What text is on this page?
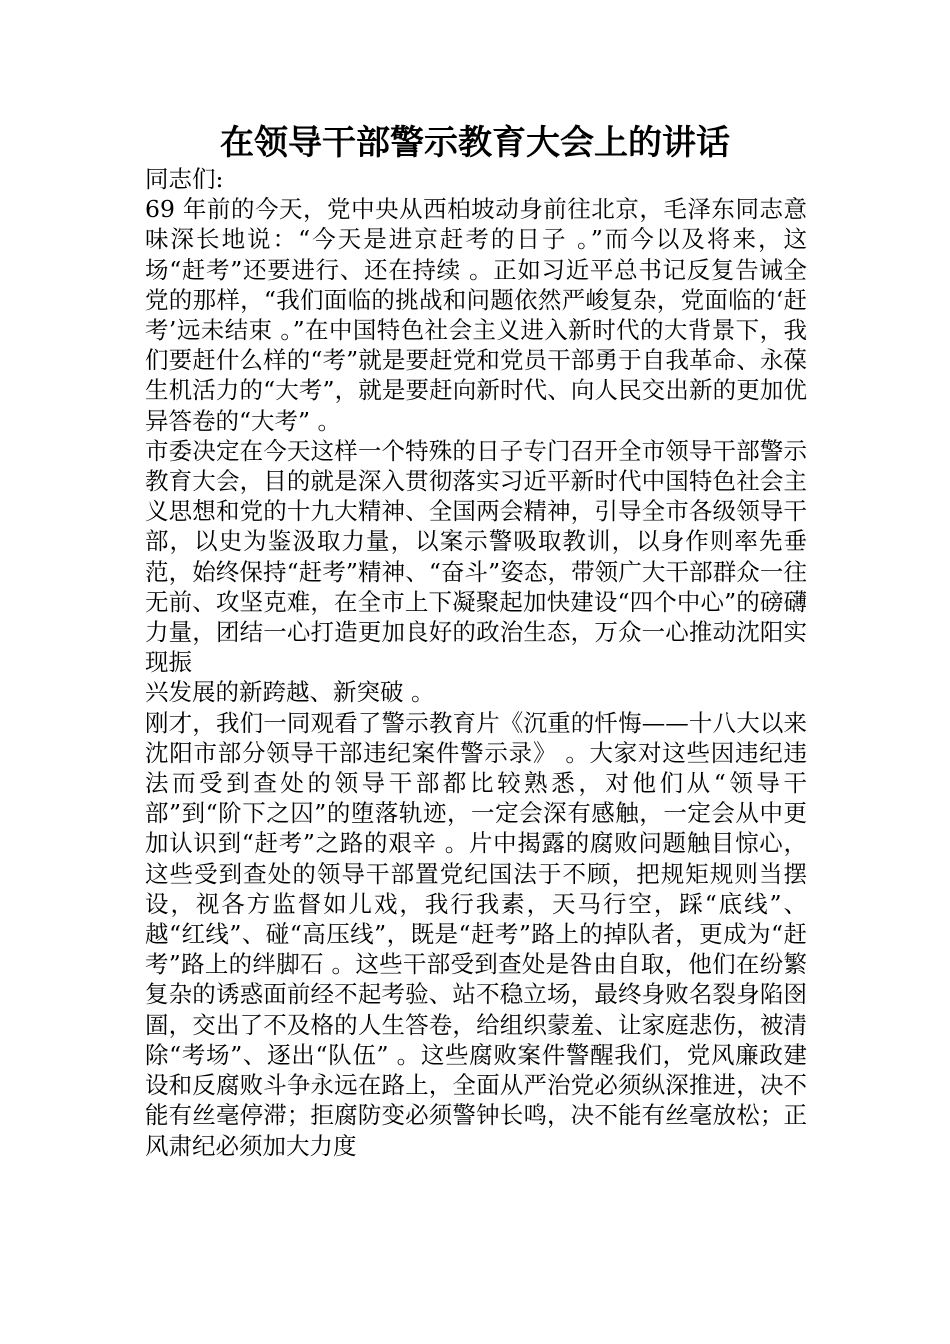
在领导干部警示教育大会上的讲话

同志们:

69 年前的今天，党中央从西柏坡动身前往北京，毛泽东同志意味深长地说：“今天是进京赶考的日子 。”而今以及将来，这场“赶考”还要进行、还在持续 。正如习近平总书记反复告诫全党的那样，“我们面临的挑战和问题依然严峻复杂，党面临的‘赶考’远未结束 。”在中国特色社会主义进入新时代的大背景下，我们要赶什么样的“考”就是要赶党和党员干部勇于自我革命、永葆生机活力的“大考”，就是要赶向新时代、向人民交出新的更加优异答卷的“大考” 。

市委决定在今天这样一个特殊的日子专门召开全市领导干部警示教育大会，目的就是深入贯彻落实习近平新时代中国特色社会主义思想和党的十九大精神、全国两会精神，引导全市各级领导干部，以史为鉴汲取力量，以案示警吸取教训，以身作则率先垂范，始终保持“赶考”精神、“奋斗”姿态，带领广大干部群众一往无前、攻坚克难，在全市上下凝聚起加快建设“四个中心”的磅礴力量，团结一心打造更加良好的政治生态，万众一心推动沈阳实现振

兴发展的新跨越、新突破 。

刚才，我们一同观看了警示教育片《沉重的忏悔——十八大以来沈阳市部分领导干部违纪案件警示录》 。大家对这些因违纪违法而受到查处的领导干部都比较熟悉，对他们从“领导干部”到“阶下之囚”的堕落轨迹，一定会深有感触，一定会从中更加认识到“赶考”之路的艰辛 。片中揭露的腐败问题触目惊心，这些受到查处的领导干部置党纪国法于不顾，把规矩规则当摆设，视各方监督如儿戏，我行我素，天马行空，踩“底线”、越“红线”、碰“高压线”，既是“赶考”路上的掉队者，更成为“赶考”路上的绊脚石 。这些干部受到查处是咎由自取，他们在纷繁复杂的诱惑面前经不起考验、站不稳立场，最终身败名裂身陷囹圄，交出了不及格的人生答卷，给组织蒙羞、让家庭悲伤，被清除“考场”、逐出“队伍” 。这些腐败案件警醒我们，党风廉政建设和反腐败斗争永远在路上，全面从严治党必须纵深推进，决不能有丝毫停滞；拒腐防变必须警钟长鸣，决不能有丝毫放松；正风肃纪必须加大力度
